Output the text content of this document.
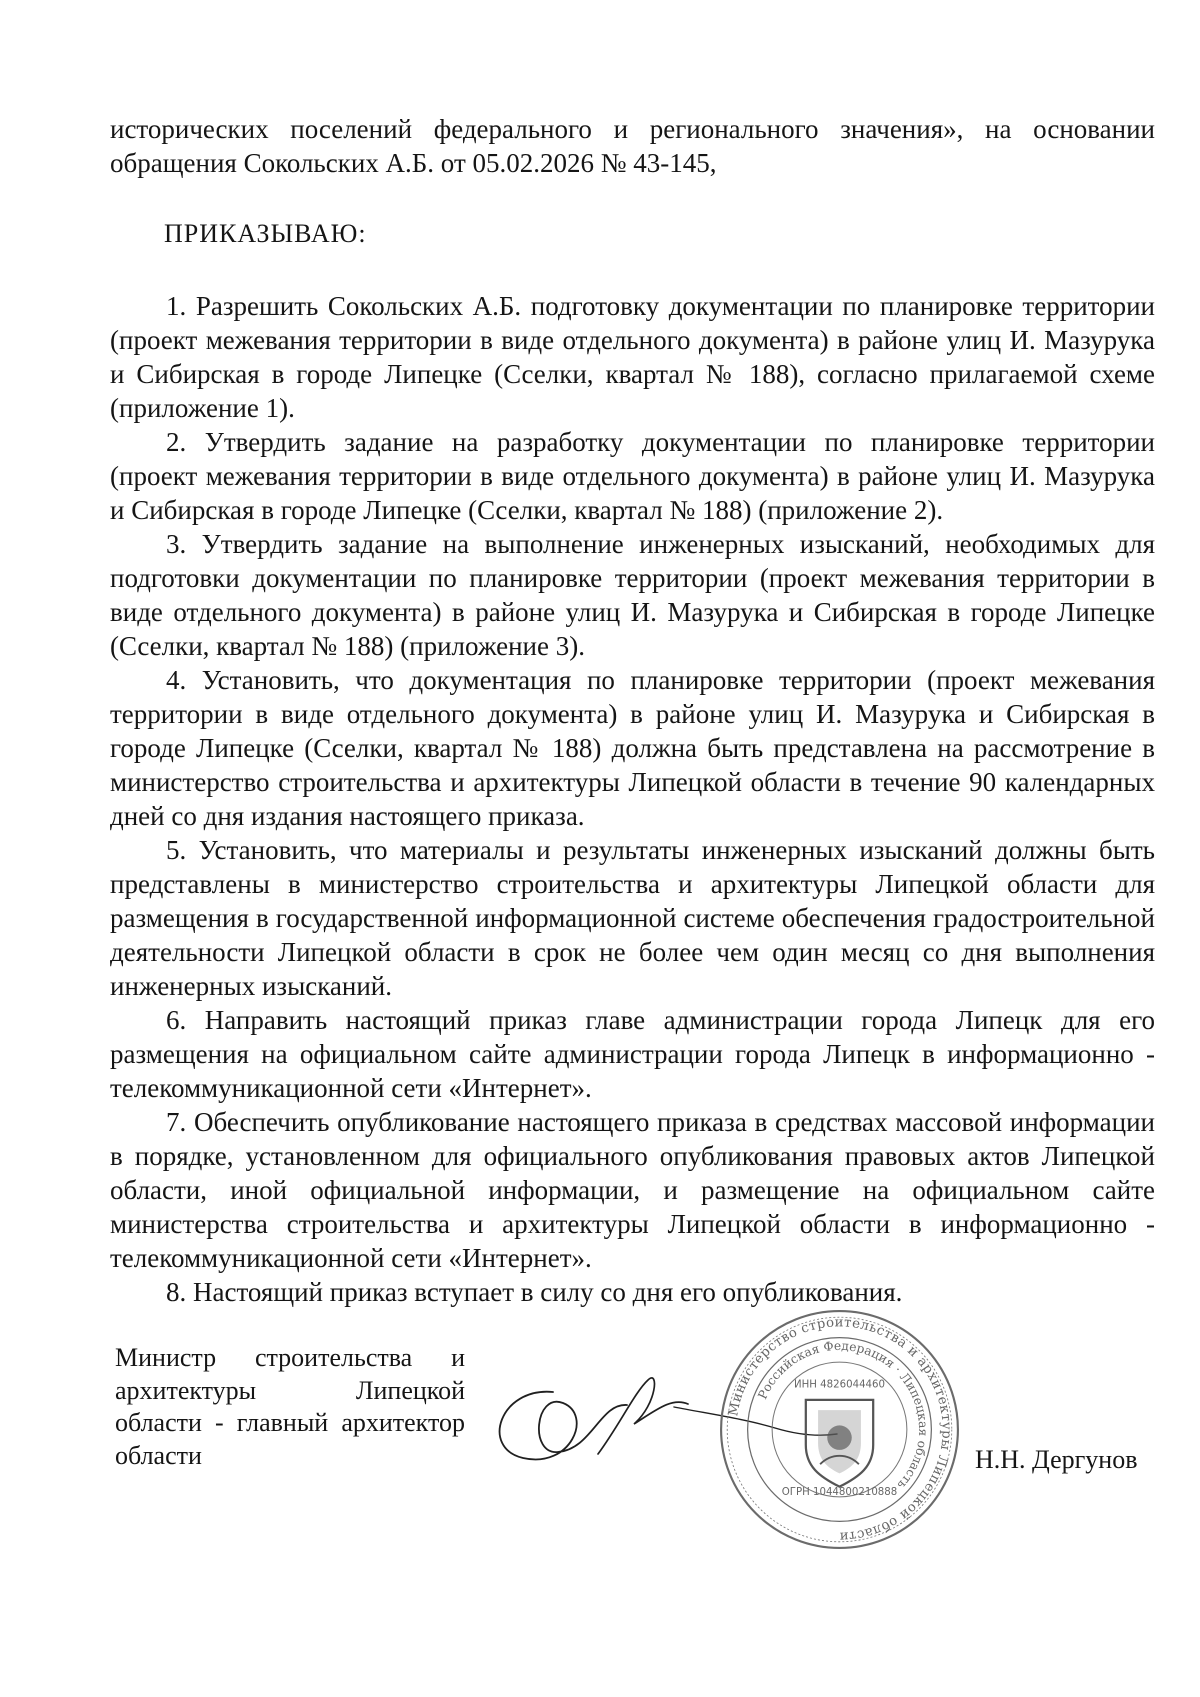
исторических поселений федерального и регионального значения», на основании обращения Сокольских А.Б. от 05.02.2026 № 43-145,

ПРИКАЗЫВАЮ:

1. Разрешить Сокольских А.Б. подготовку документации по планировке территории (проект межевания территории в виде отдельного документа) в районе улиц И. Мазурука и Сибирская в городе Липецке (Сселки, квартал № 188), согласно прилагаемой схеме (приложение 1).

2. Утвердить задание на разработку документации по планировке территории (проект межевания территории в виде отдельного документа) в районе улиц И. Мазурука и Сибирская в городе Липецке (Сселки, квартал № 188) (приложение 2).

3. Утвердить задание на выполнение инженерных изысканий, необходимых для подготовки документации по планировке территории (проект межевания территории в виде отдельного документа) в районе улиц И. Мазурука и Сибирская в городе Липецке (Сселки, квартал № 188) (приложение 3).

4. Установить, что документация по планировке территории (проект межевания территории в виде отдельного документа) в районе улиц И. Мазурука и Сибирская в городе Липецке (Сселки, квартал № 188) должна быть представлена на рассмотрение в министерство строительства и архитектуры Липецкой области в течение 90 календарных дней со дня издания настоящего приказа.

5. Установить, что материалы и результаты инженерных изысканий должны быть представлены в министерство строительства и архитектуры Липецкой области для размещения в государственной информационной системе обеспечения градостроительной деятельности Липецкой области в срок не более чем один месяц со дня выполнения инженерных изысканий.

6. Направить настоящий приказ главе администрации города Липецк для его размещения на официальном сайте администрации города Липецк в информационно - телекоммуникационной сети «Интернет».

7. Обеспечить опубликование настоящего приказа в средствах массовой информации в порядке, установленном для официального опубликования правовых актов Липецкой области, иной официальной информации, и размещение на официальном сайте министерства строительства и архитектуры Липецкой области в информационно - телекоммуникационной сети «Интернет».

8. Настоящий приказ вступает в силу со дня его опубликования.

Министр строительства и архитектуры Липецкой области - главный архитектор области
Министерство строительства и архитектуры Липецкой области
Российская Федерация · Липецкая область
ИНН 4826044460
ОГРН 1044800210888
Н.Н. Дергунов
